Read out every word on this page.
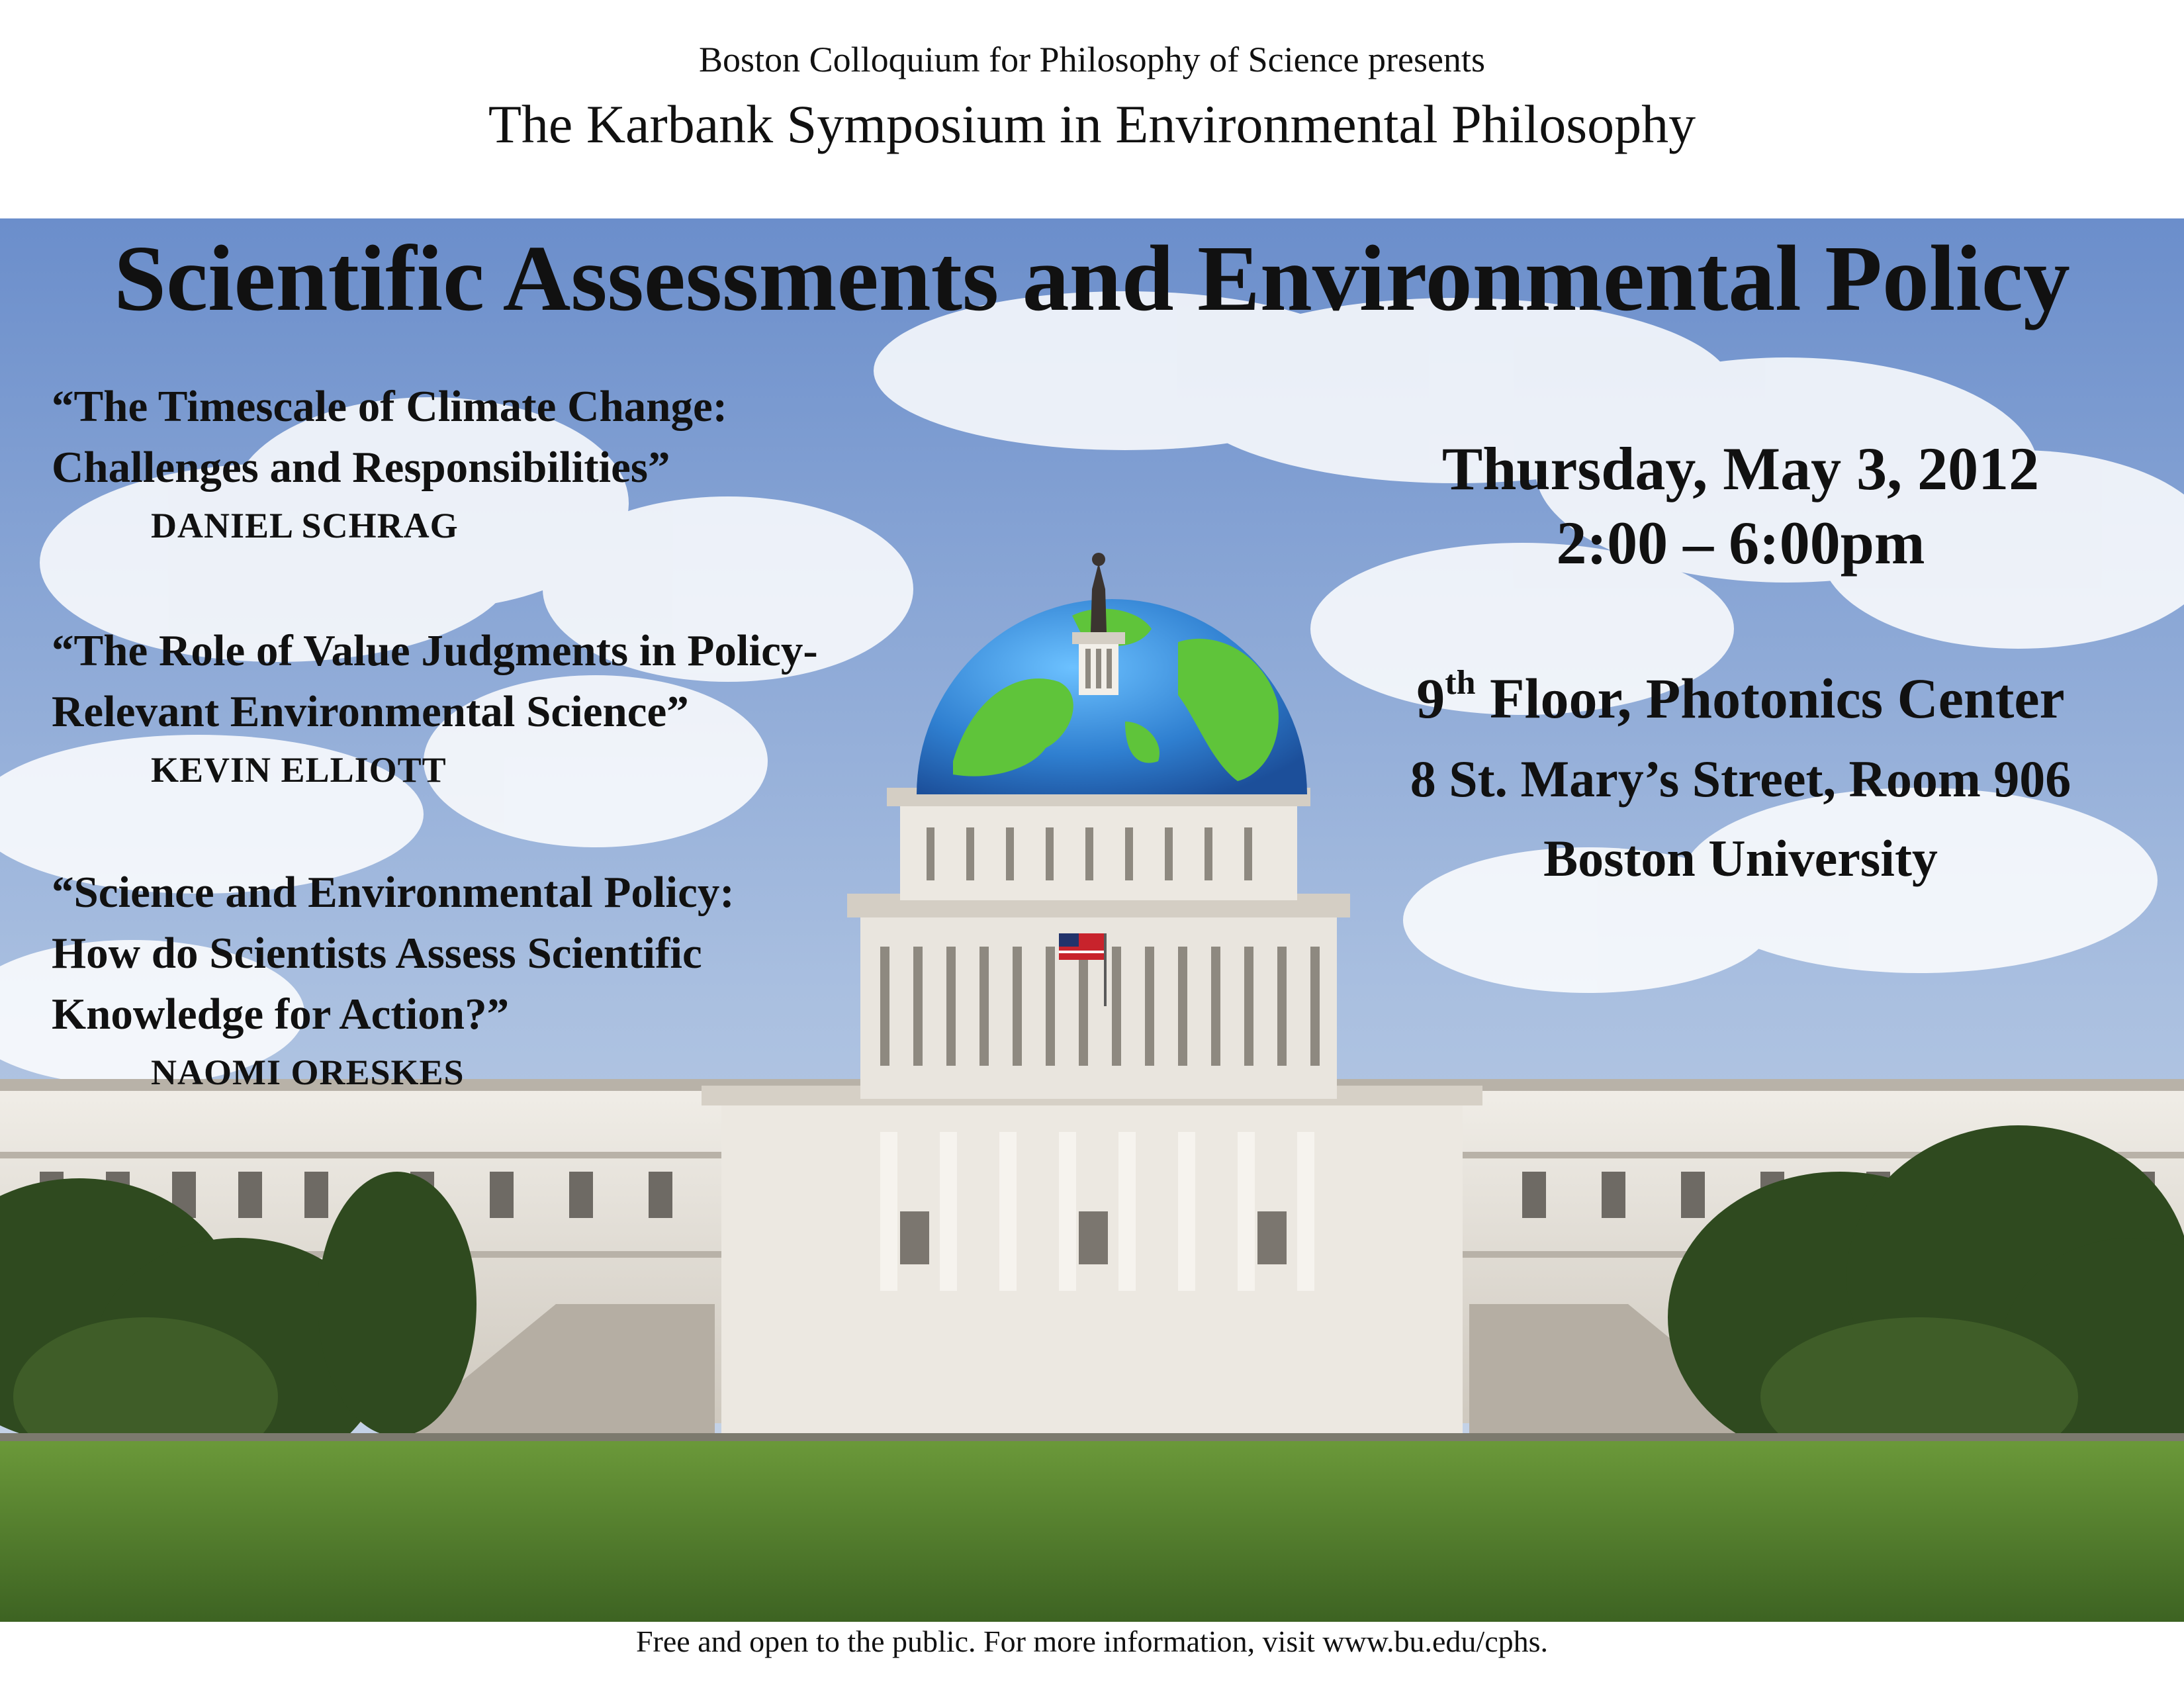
Boston Colloquium for Philosophy of Science presents
The Karbank Symposium in Environmental Philosophy
Scientific Assessments and Environmental Policy
“The Timescale of Climate Change:
Challenges and Responsibilities”
DANIEL SCHRAG
“The Role of Value Judgments in Policy-
Relevant Environmental Science”
KEVIN ELLIOTT
“Science and Environmental Policy:
How do Scientists Assess Scientific
Knowledge for Action?”
NAOMI ORESKES
Thursday, May 3, 2012
2:00 – 6:00pm
9th Floor, Photonics Center
8 St. Mary’s Street, Room 906
Boston University
Free and open to the public. For more information, visit www.bu.edu/cphs.
